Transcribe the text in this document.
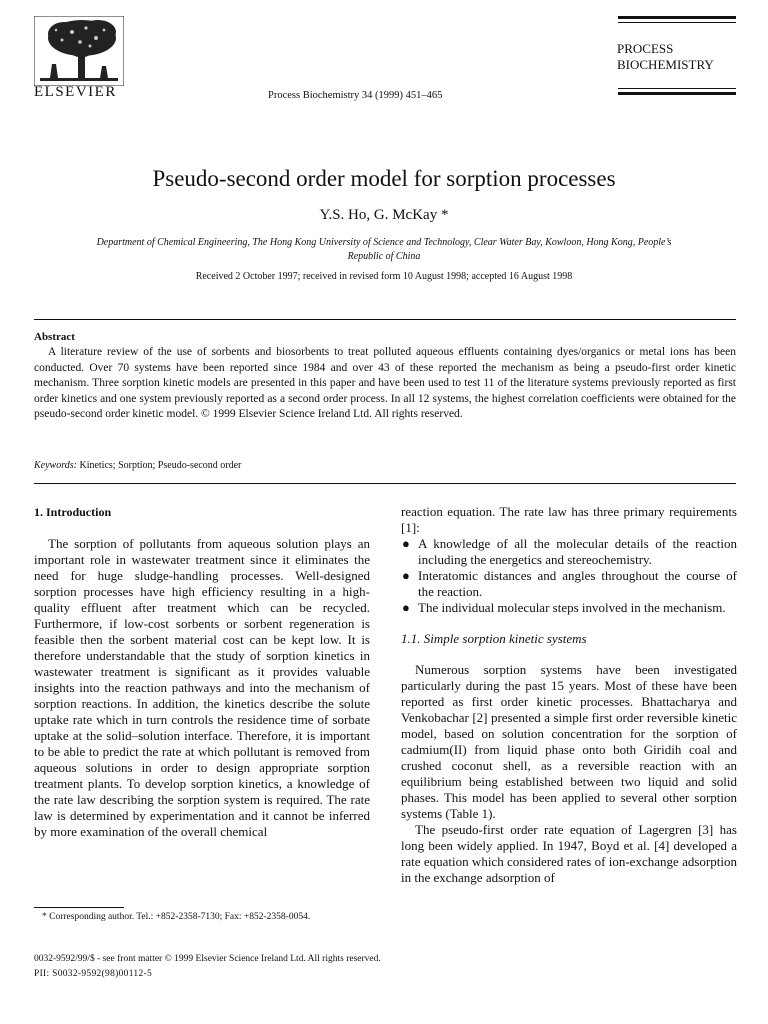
ELSEVIER	Process Biochemistry 34 (1999) 451–465
PROCESS
BIOCHEMISTRY
Pseudo-second order model for sorption processes
Y.S. Ho, G. McKay *
Department of Chemical Engineering, The Hong Kong University of Science and Technology, Clear Water Bay, Kowloon, Hong Kong, People’s Republic of China
Received 2 October 1997; received in revised form 10 August 1998; accepted 16 August 1998
Abstract

A literature review of the use of sorbents and biosorbents to treat polluted aqueous effluents containing dyes/organics or metal ions has been conducted. Over 70 systems have been reported since 1984 and over 43 of these reported the mechanism as being a pseudo-first order kinetic mechanism. Three sorption kinetic models are presented in this paper and have been used to test 11 of the literature systems previously reported as first order kinetics and one system previously reported as a second order process. In all 12 systems, the highest correlation coefficients were obtained for the pseudo-second order kinetic model. © 1999 Elsevier Science Ireland Ltd. All rights reserved.

Keywords: Kinetics; Sorption; Pseudo-second order
1. Introduction

The sorption of pollutants from aqueous solution plays an important role in wastewater treatment since it eliminates the need for huge sludge-handling processes. Well-designed sorption processes have high efficiency resulting in a high-quality effluent after treatment which can be recycled. Furthermore, if low-cost sorbents or sorbent regeneration is feasible then the sorbent material cost can be kept low. It is therefore understandable that the study of sorption kinetics in wastewater treatment is significant as it provides valuable insights into the reaction pathways and into the mechanism of sorption reactions. In addition, the kinetics describe the solute uptake rate which in turn controls the residence time of sorbate uptake at the solid–solution interface. Therefore, it is important to be able to predict the rate at which pollutant is removed from aqueous solutions in order to design appropriate sorption treatment plants. To develop sorption kinetics, a knowledge of the rate law describing the sorption system is required. The rate law is determined by experimentation and it cannot be inferred by more examination of the overall chemical

* Corresponding author. Tel.: +852-2358-7130; Fax: +852-2358-0054.

reaction equation. The rate law has three primary requirements [1]:

● A knowledge of all the molecular details of the reaction including the energetics and stereochemistry.
● Interatomic distances and angles throughout the course of the reaction.
● The individual molecular steps involved in the mechanism.
1.1. Simple sorption kinetic systems

Numerous sorption systems have been investigated particularly during the past 15 years. Most of these have been reported as first order kinetic processes. Bhattacharya and Venkobachar [2] presented a simple first order reversible kinetic model, based on solution concentration for the sorption of cadmium(II) from liquid phase onto both Giridih coal and crushed coconut shell, as a reversible reaction with an equilibrium being established between two liquid and solid phases. This model has been applied to several other sorption systems (Table 1).

The pseudo-first order rate equation of Lagergren [3] has long been widely applied. In 1947, Boyd et al. [4] developed a rate equation which considered rates of ion-exchange adsorption in the exchange adsorption of

0032-9592/99/$ - see front matter © 1999 Elsevier Science Ireland Ltd. All rights reserved.
PII: S0032-9592(98)00112-5
